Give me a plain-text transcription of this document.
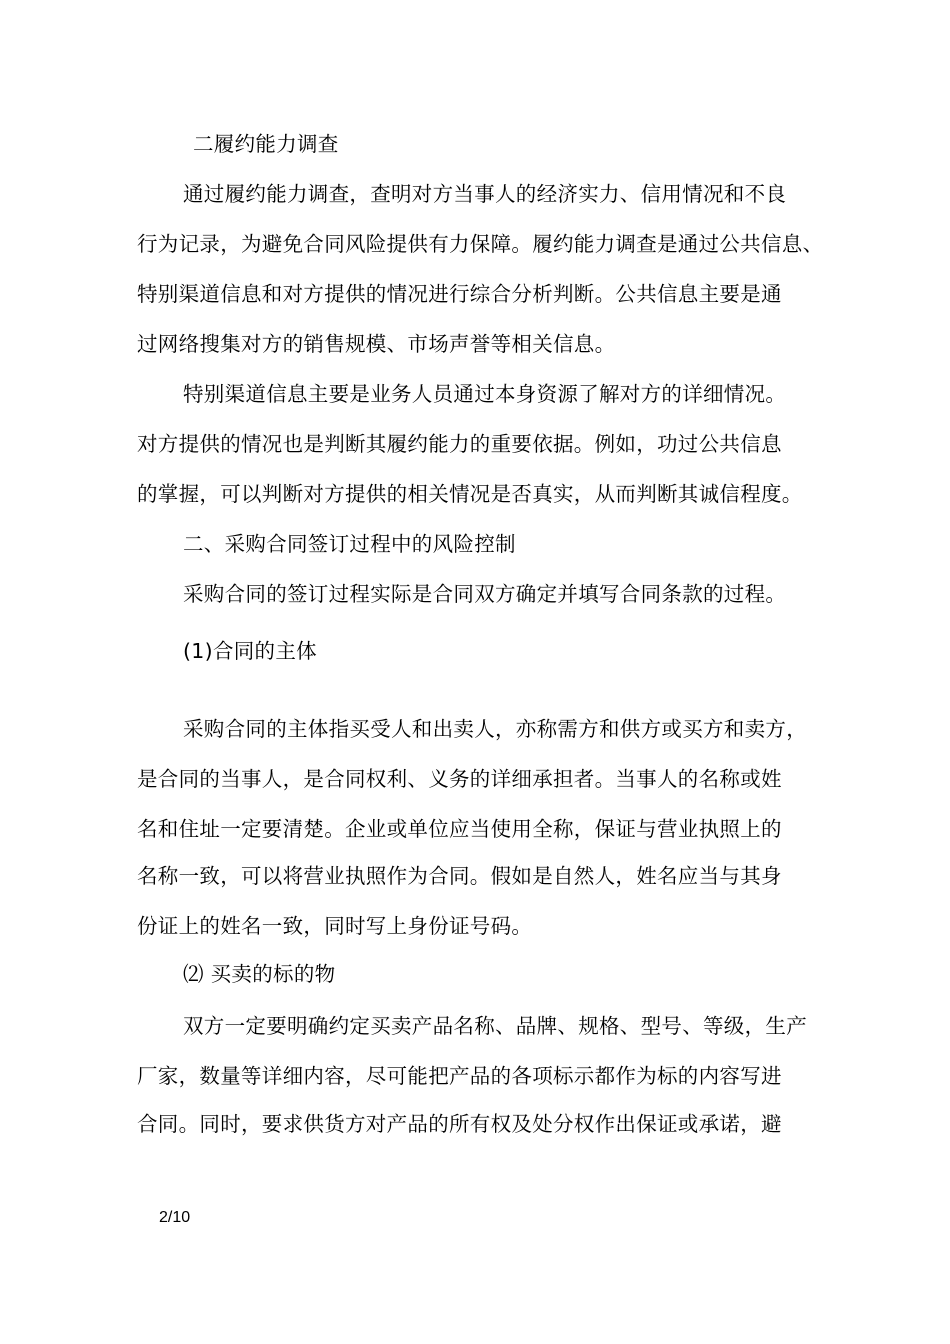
二履约能力调查
通过履约能力调查，查明对方当事人的经济实力、信用情况和不良
行为记录，为避免合同风险提供有力保障。履约能力调查是通过公共信息、
特别渠道信息和对方提供的情况进行综合分析判断。公共信息主要是通
过网络搜集对方的销售规模、市场声誉等相关信息。
特别渠道信息主要是业务人员通过本身资源了解对方的详细情况。
对方提供的情况也是判断其履约能力的重要依据。例如，功过公共信息
的掌握，可以判断对方提供的相关情况是否真实，从而判断其诚信程度。
二、采购合同签订过程中的风险控制
采购合同的签订过程实际是合同双方确定并填写合同条款的过程。
(1)合同的主体
采购合同的主体指买受人和出卖人，亦称需方和供方或买方和卖方，
是合同的当事人，是合同权利、义务的详细承担者。当事人的名称或姓
名和住址一定要清楚。企业或单位应当使用全称，保证与营业执照上的
名称一致，可以将营业执照作为合同。假如是自然人，姓名应当与其身
份证上的姓名一致，同时写上身份证号码。
⑵ 买卖的标的物
双方一定要明确约定买卖产品名称、品牌、规格、型号、等级，生产
厂家，数量等详细内容，尽可能把产品的各项标示都作为标的内容写进
合同。同时，要求供货方对产品的所有权及处分权作出保证或承诺，避
2/10
